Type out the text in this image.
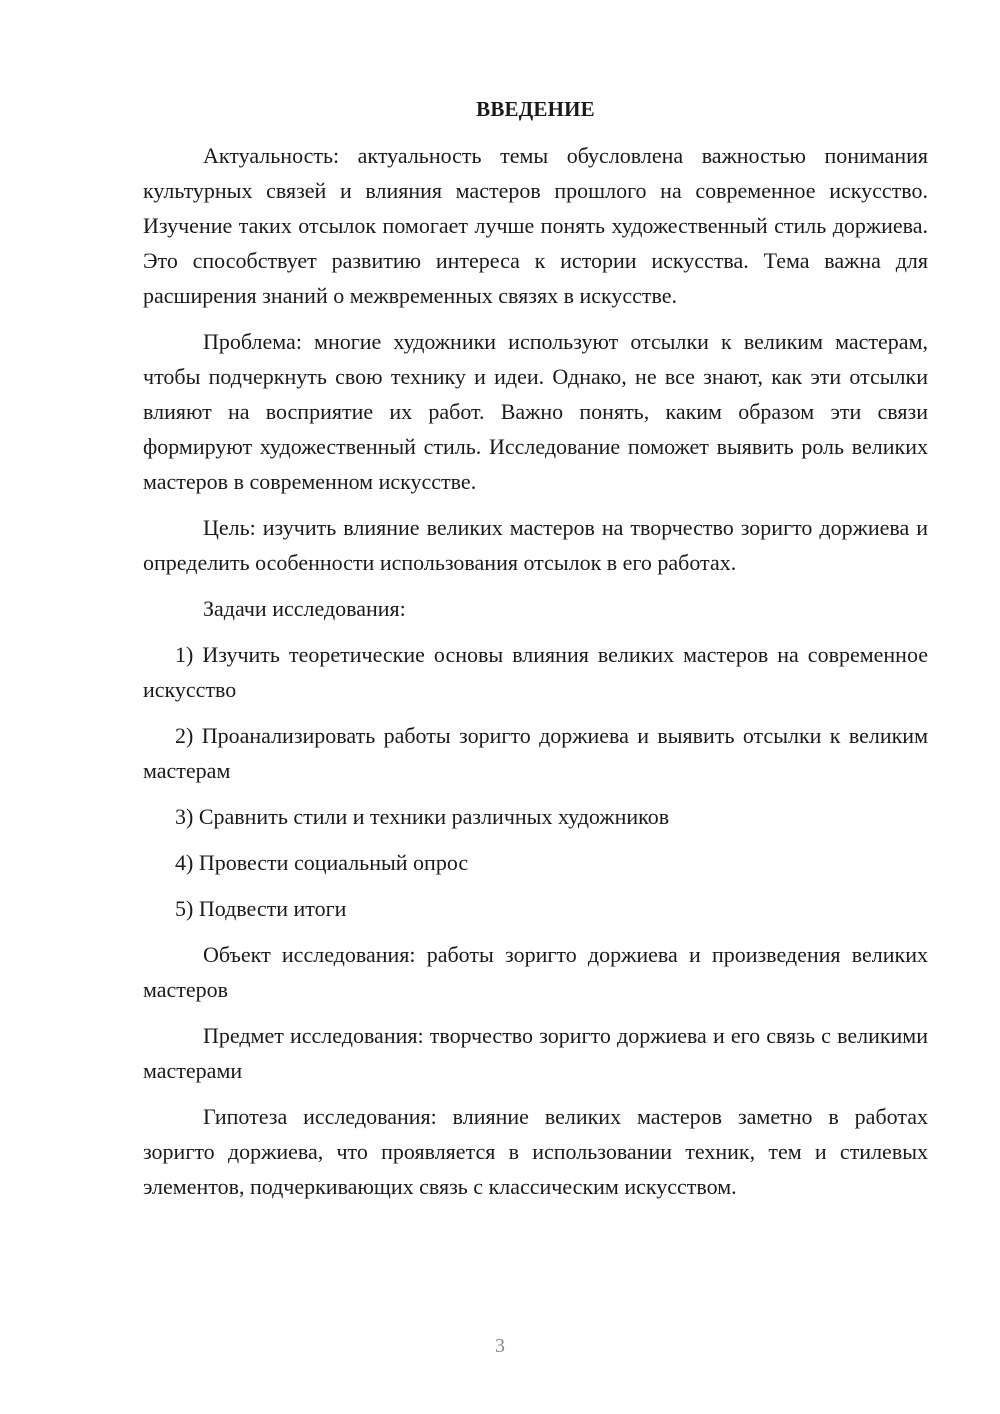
ВВЕДЕНИЕ

Актуальность: актуальность темы обусловлена важностью понимания культурных связей и влияния мастеров прошлого на современное искусство. Изучение таких отсылок помогает лучше понять художественный стиль доржиева. Это способствует развитию интереса к истории искусства. Тема важна для расширения знаний о межвременных связях в искусстве.

Проблема: многие художники используют отсылки к великим мастерам, чтобы подчеркнуть свою технику и идеи. Однако, не все знают, как эти отсылки влияют на восприятие их работ. Важно понять, каким образом эти связи формируют художественный стиль. Исследование поможет выявить роль великих мастеров в современном искусстве.

Цель: изучить влияние великих мастеров на творчество зоригто доржиева и определить особенности использования отсылок в его работах.

Задачи исследования:

1) Изучить теоретические основы влияния великих мастеров на современное искусство

2) Проанализировать работы зоригто доржиева и выявить отсылки к великим мастерам

3) Сравнить стили и техники различных художников

4) Провести социальный опрос

5) Подвести итоги

Объект исследования: работы зоригто доржиева и произведения великих мастеров

Предмет исследования: творчество зоригто доржиева и его связь с великими мастерами

Гипотеза исследования: влияние великих мастеров заметно в работах зоригто доржиева, что проявляется в использовании техник, тем и стилевых элементов, подчеркивающих связь с классическим искусством.

3
